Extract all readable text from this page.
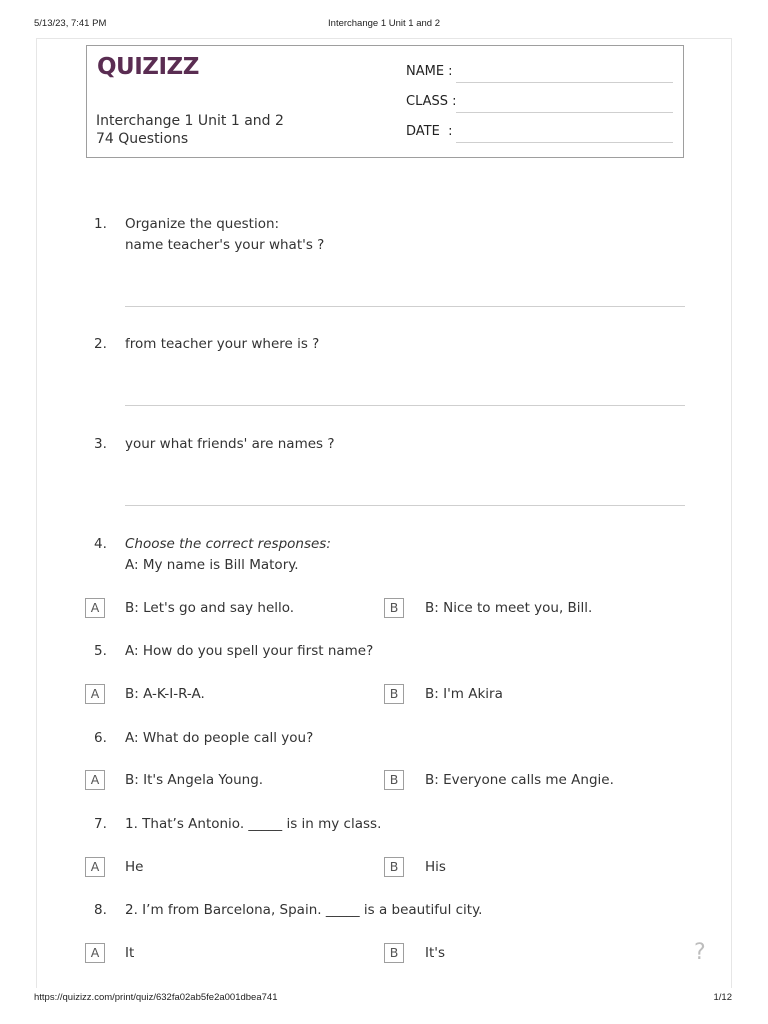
5/13/23, 7:41 PM	Interchange 1 Unit 1 and 2
QUIZIZZ
Interchange 1 Unit 1 and 2
74 Questions
NAME :
CLASS :
DATE  :
1. Organize the question:
name teacher's your what's ?
2. from teacher your where is ?
3. your what friends' are names ?
4. Choose the correct responses:
A: My name is Bill Matory.
A	B: Let's go and say hello.	B	B: Nice to meet you, Bill.
5. A: How do you spell your first name?
A	B: A-K-I-R-A.	B	B: I'm Akira
6. A: What do people call you?
A	B: It's Angela Young.	B	B: Everyone calls me Angie.
7. 1. That’s Antonio. _____ is in my class.
A	He	B	His
8. 2. I’m from Barcelona, Spain. _____ is a beautiful city.
A	It	B	It's	?
https://quizizz.com/print/quiz/632fa02ab5fe2a001dbea741	1/12
